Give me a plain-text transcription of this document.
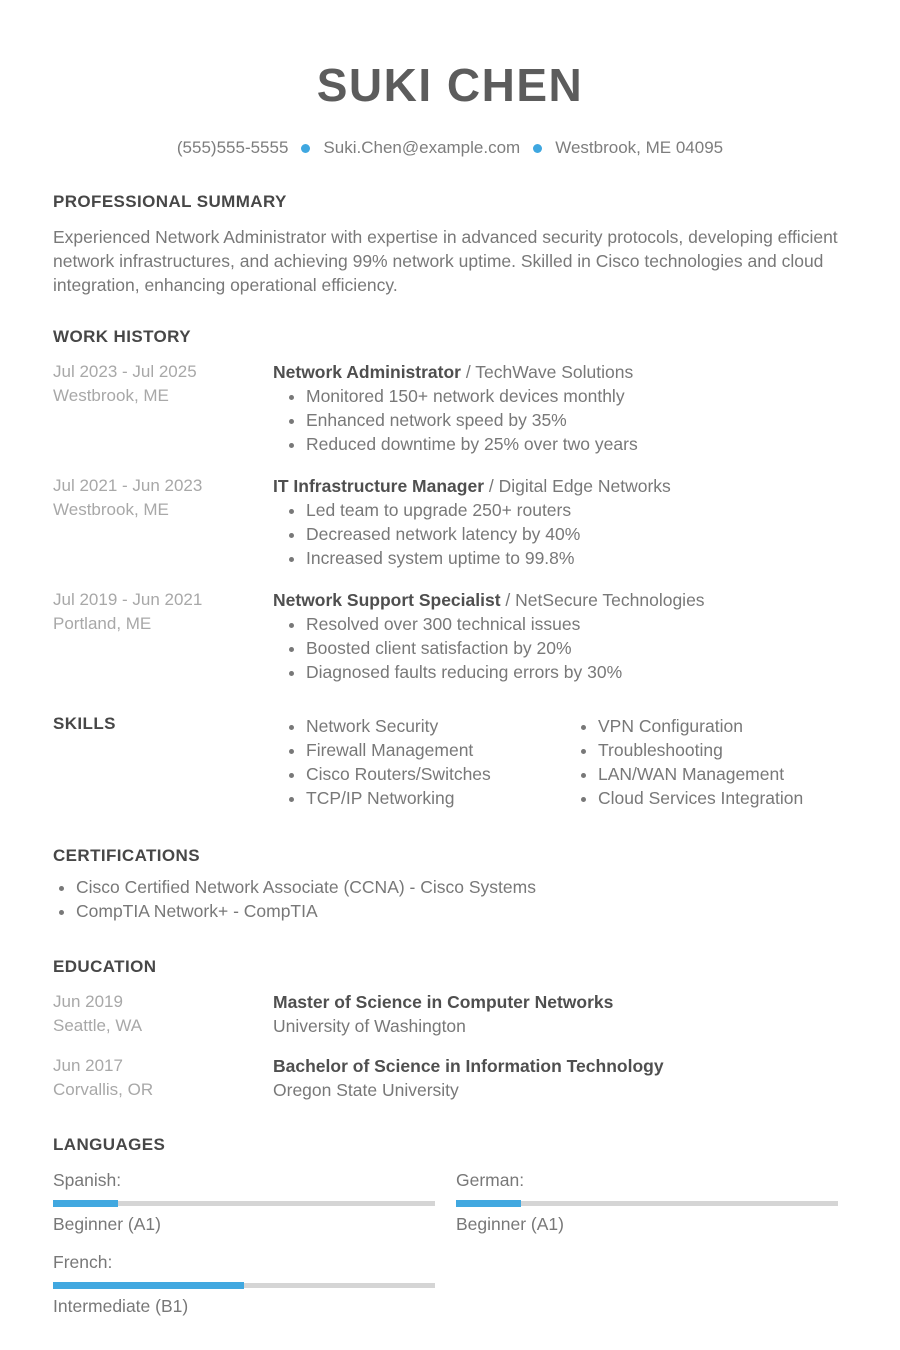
SUKI CHEN
(555)555-5555 Suki.Chen@example.com Westbrook, ME 04095
PROFESSIONAL SUMMARY
Experienced Network Administrator with expertise in advanced security protocols, developing efficient network infrastructures, and achieving 99% network uptime. Skilled in Cisco technologies and cloud integration, enhancing operational efficiency.
WORK HISTORY
Jul 2023 - Jul 2025
Westbrook, ME
Network Administrator / TechWave Solutions
• Monitored 150+ network devices monthly
• Enhanced network speed by 35%
• Reduced downtime by 25% over two years
Jul 2021 - Jun 2023
Westbrook, ME
IT Infrastructure Manager / Digital Edge Networks
• Led team to upgrade 250+ routers
• Decreased network latency by 40%
• Increased system uptime to 99.8%
Jul 2019 - Jun 2021
Portland, ME
Network Support Specialist / NetSecure Technologies
• Resolved over 300 technical issues
• Boosted client satisfaction by 20%
• Diagnosed faults reducing errors by 30%
SKILLS	• Network Security
• Firewall Management
• Cisco Routers/Switches
• TCP/IP Networking
• VPN Configuration
• Troubleshooting
• LAN/WAN Management
• Cloud Services Integration
CERTIFICATIONS
• Cisco Certified Network Associate (CCNA) - Cisco Systems
• CompTIA Network+ - CompTIA
EDUCATION
Jun 2019
Seattle, WA
Master of Science in Computer Networks
University of Washington
Jun 2017
Corvallis, OR
Bachelor of Science in Information Technology
Oregon State University
LANGUAGES
Spanish:
Beginner (A1)
German:
Beginner (A1)
French:
Intermediate (B1)
